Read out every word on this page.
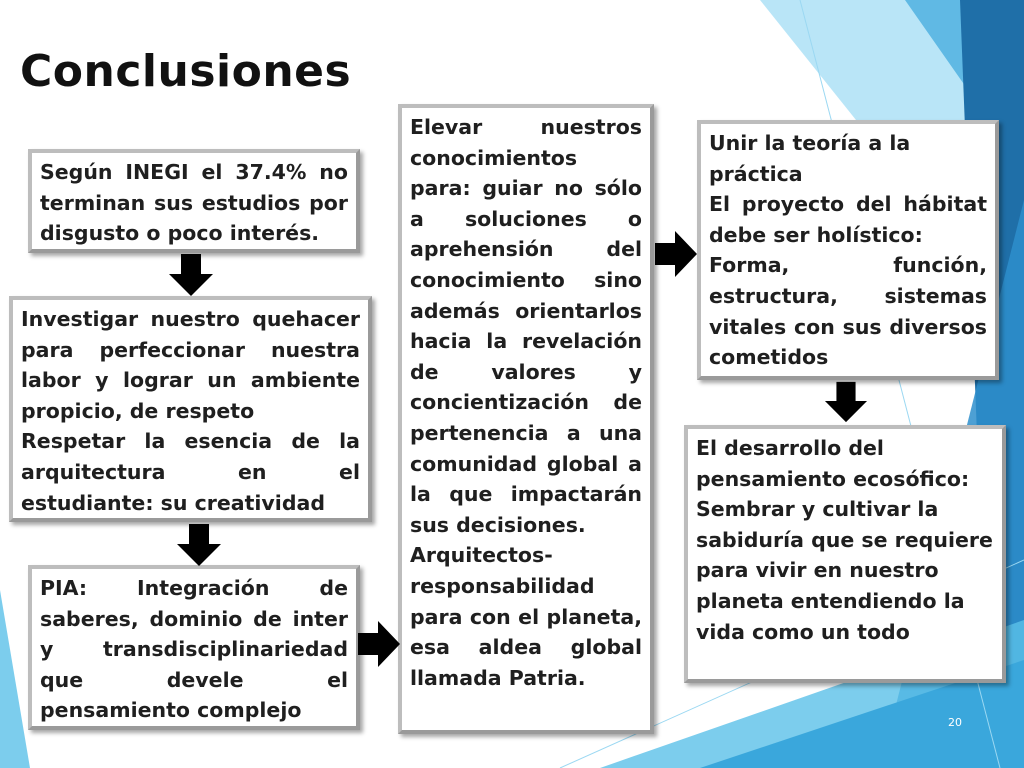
Conclusiones

Según INEGI el 37.4% no terminan sus estudios por disgusto o poco interés.

Investigar nuestro quehacer para perfeccionar nuestra labor y lograr un ambiente propicio, de respeto

Respetar la esencia de la arquitectura en el estudiante: su creatividad

PIA: Integración de saberes, dominio de inter y transdisciplinariedad que devele el pensamiento complejo

Elevar nuestros conocimientos

para: guiar no sólo a soluciones o aprehensión del conocimiento sino además orientarlos hacia la revelación de valores y concientización de pertenencia a una comunidad global a la que impactarán sus decisiones.

Arquitectos- responsabilidad

para con el planeta, esa aldea global llamada Patria.

Unir la teoría a la práctica

El proyecto del hábitat debe ser holístico:

Forma, función, estructura, sistemas vitales con sus diversos cometidos

El desarrollo del pensamiento ecosófico:

Sembrar y cultivar la sabiduría que se requiere para vivir en nuestro planeta entendiendo la vida como un todo

20
